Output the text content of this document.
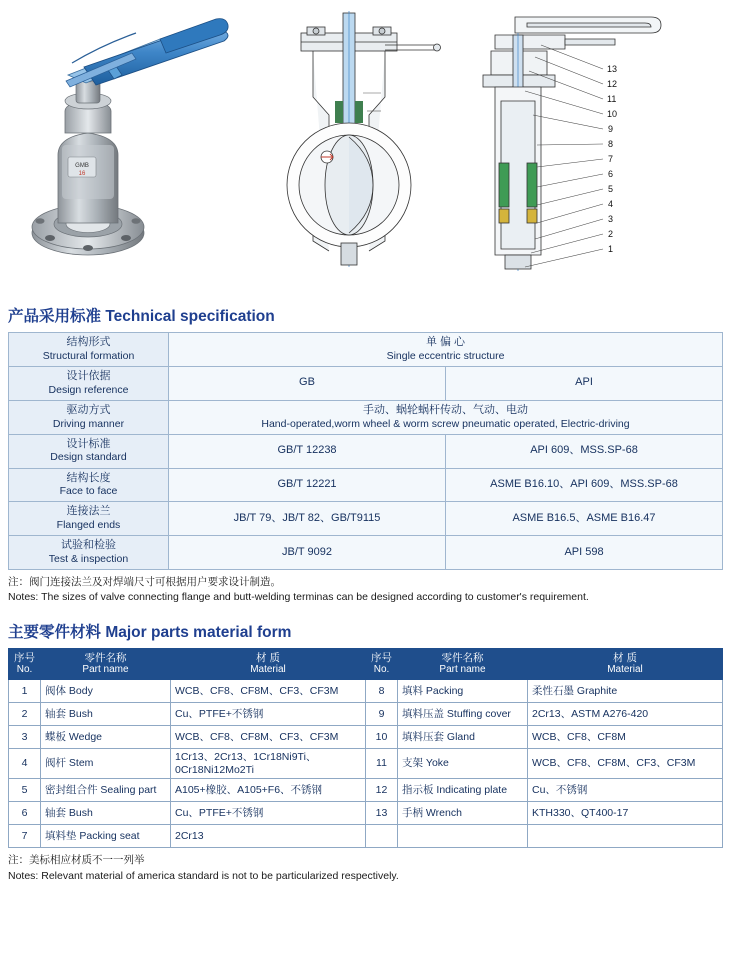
GMB
16
13
12
11
10
9
8
7
6
5
4
3
2
1
产品采用标准 Technical specification
结构形式
Structural formation	单 偏 心
Single eccentric structure	

设计依据
Design reference	GB	API

驱动方式
Driving manner	手动、蜗轮蜗杆传动、气动、电动
Hand-operated,worm wheel & worm screw pneumatic operated, Electric-driving	

设计标准
Design standard	GB/T 12238	API 609、MSS.SP-68

结构长度
Face to face	GB/T 12221	ASME B16.10、API 609、MSS.SP-68

连接法兰
Flanged ends	JB/T 79、JB/T 82、GB/T9115	ASME B16.5、ASME B16.47

试验和检验
Test & inspection	JB/T 9092	API 598
注：阀门连接法兰及对焊端尺寸可根据用户要求设计制造。
Notes: The sizes of valve connecting flange and butt-welding terminas can be designed according to customer's requirement.
主要零件材料 Major parts material form
序号
No.	零件名称
Part name	材 质
Material	序号
No.	零件名称
Part name	材 质
Material

1	阀体 Body	WCB、CF8、CF8M、CF3、CF3M	8	填料 Packing	柔性石墨 Graphite
2	轴套 Bush	Cu、PTFE+不锈钢	9	填料压盖 Stuffing cover	2Cr13、ASTM A276-420
3	蝶板 Wedge	WCB、CF8、CF8M、CF3、CF3M	10	填料压套 Gland	WCB、CF8、CF8M
4	阀杆 Stem	1Cr13、2Cr13、1Cr18Ni9Ti、0Cr18Ni12Mo2Ti	11	支架 Yoke	WCB、CF8、CF8M、CF3、CF3M
5	密封组合件 Sealing part	A105+橡胶、A105+F6、不锈钢	12	指示板 Indicating plate	Cu、不锈钢
6	轴套 Bush	Cu、PTFE+不锈钢	13	手柄 Wrench	KTH330、QT400-17
7	填料垫 Packing seat	2Cr13			
注：美标相应材质不一一列举
Notes: Relevant material of america standard is not to be particularized respectively.
